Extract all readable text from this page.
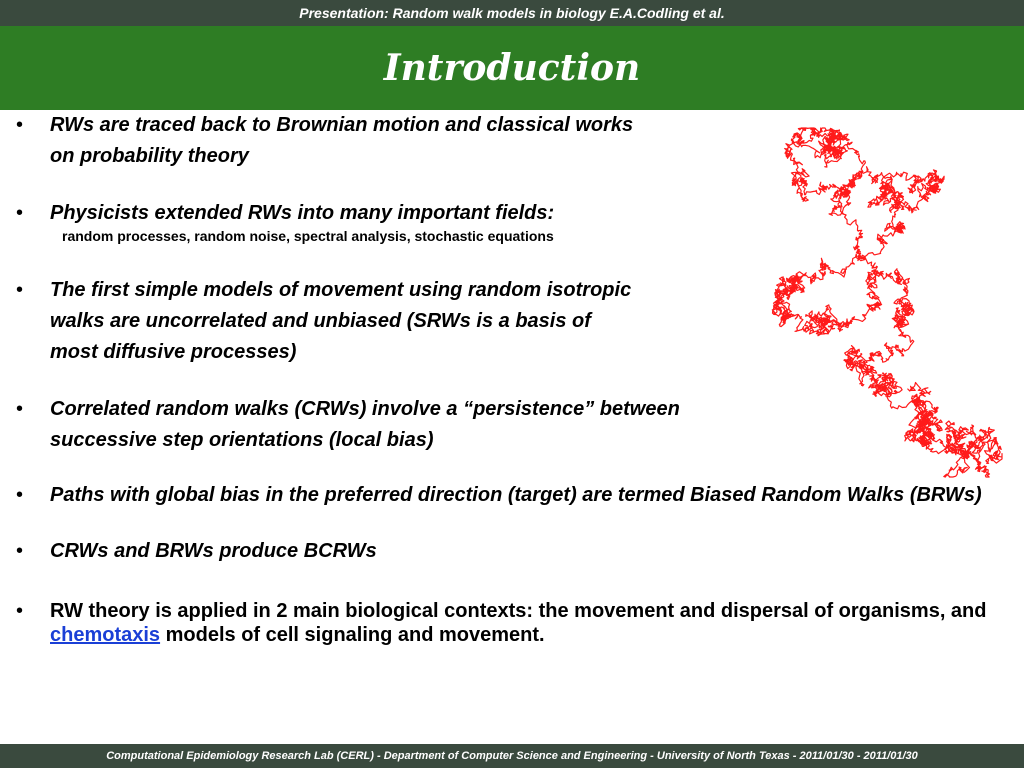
Presentation: Random walk models in biology E.A.Codling et al.
Introduction
• RWs are traced back to Brownian motion and classical works
on probability theory
• Physicists extended RWs into many important fields:
random processes, random noise, spectral analysis, stochastic equations
• The first simple models of movement using random isotropic
walks are uncorrelated and unbiased (SRWs is a basis of
most diffusive processes)
• Correlated random walks (CRWs) involve a “persistence” between
successive step orientations (local bias)
• Paths with global bias in the preferred direction (target) are termed Biased Random Walks (BRWs)
• CRWs and BRWs produce BCRWs
• RW theory is applied in 2 main biological contexts: the movement and dispersal of organisms, and chemotaxis models of cell signaling and movement.
Computational Epidemiology Research Lab (CERL) - Department of Computer Science and Engineering - University of North Texas - 2011/01/30 - 2011/01/30
